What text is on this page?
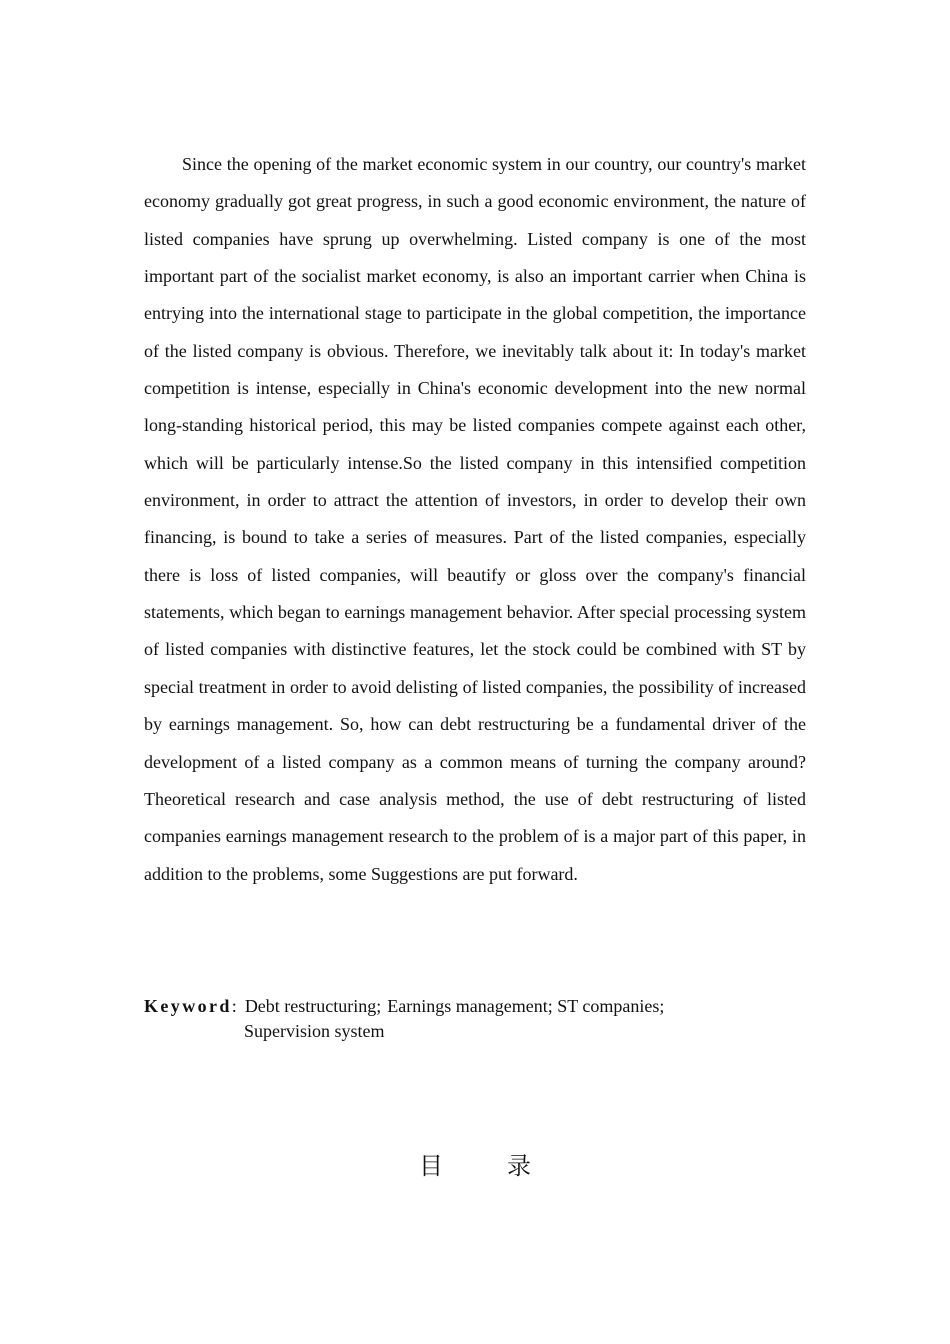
Since the opening of the market economic system in our country, our country's market economy gradually got great progress, in such a good economic environment, the nature of listed companies have sprung up overwhelming. Listed company is one of the most important part of the socialist market economy, is also an important carrier when China is entrying into the international stage to participate in the global competition, the importance of the listed company is obvious. Therefore, we inevitably talk about it: In today's market competition is intense, especially in China's economic development into the new normal long-standing historical period, this may be listed companies compete against each other, which will be particularly intense.So the listed company in this intensified competition environment, in order to attract the attention of investors, in order to develop their own financing, is bound to take a series of measures. Part of the listed companies, especially there is loss of listed companies, will beautify or gloss over the company's financial statements, which began to earnings management behavior. After special processing system of listed companies with distinctive features, let the stock could be combined with ST by special treatment in order to avoid delisting of listed companies, the possibility of increased by earnings management. So, how can debt restructuring be a fundamental driver of the development of a listed company as a common means of turning the company around? Theoretical research and case analysis method, the use of debt restructuring of listed companies earnings management research to the problem of is a major part of this paper, in addition to the problems, some Suggestions are put forward.

Keyword: Debt restructuring; Earnings management; ST companies;
Supervision system
目	录
